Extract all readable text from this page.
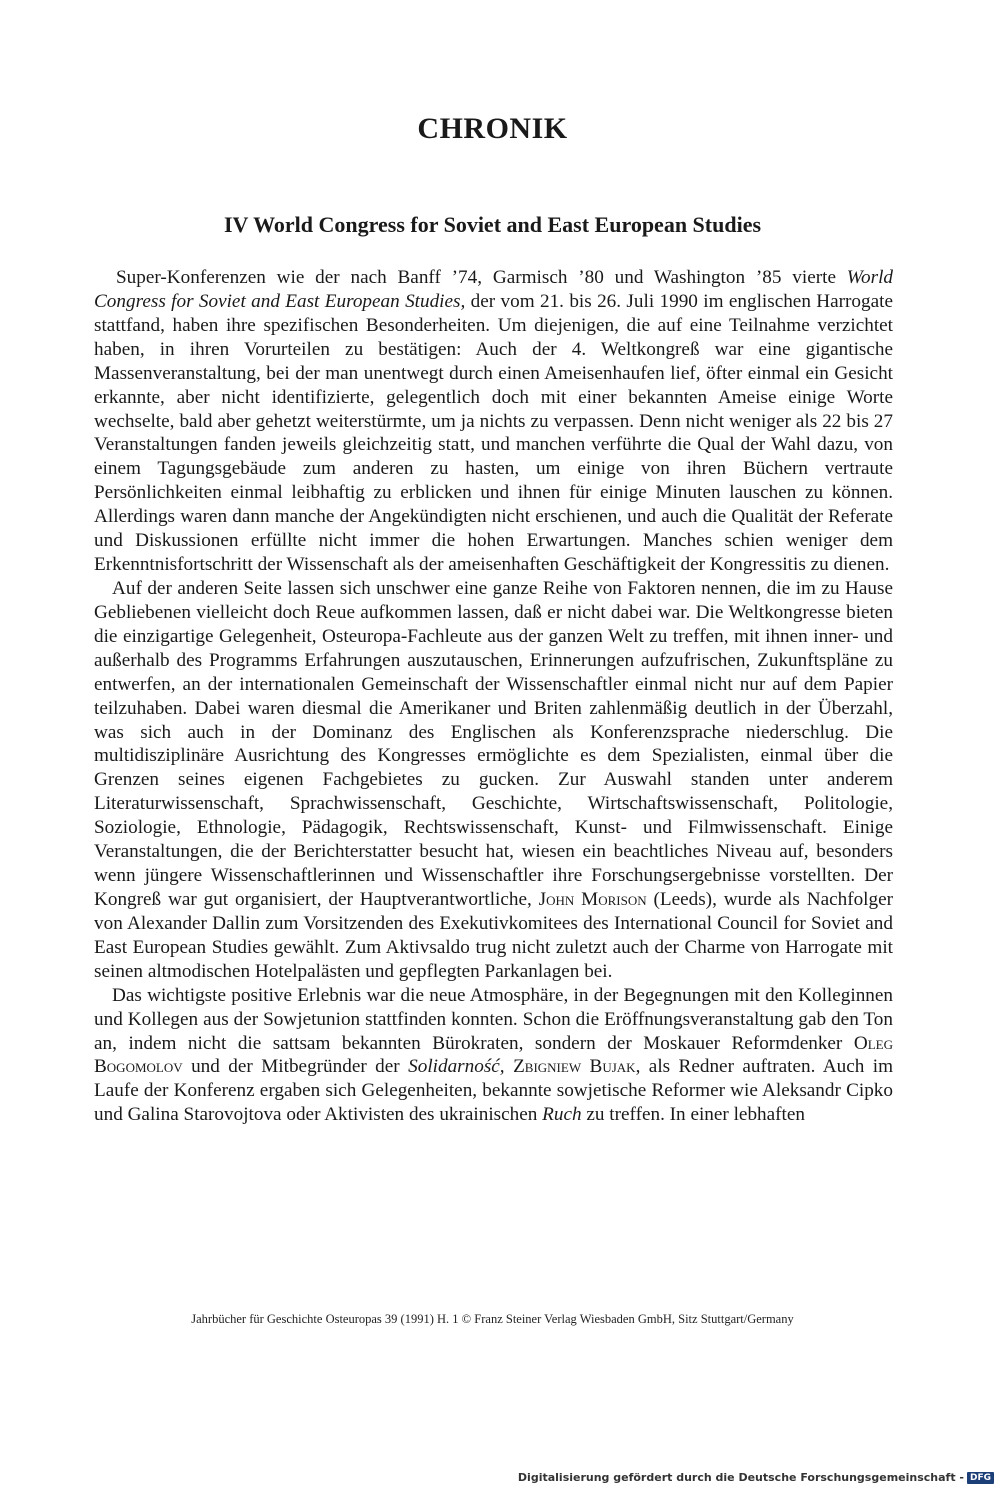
CHRONIK
IV World Congress for Soviet and East European Studies

Super-Konferenzen wie der nach Banff ’74, Garmisch ’80 und Washington ’85 vierte World Congress for Soviet and East European Studies, der vom 21. bis 26. Juli 1990 im englischen Harrogate stattfand, haben ihre spezifischen Besonderheiten. Um diejenigen, die auf eine Teilnahme verzichtet haben, in ihren Vorurteilen zu bestätigen: Auch der 4. Weltkongreß war eine gigantische Massenveranstaltung, bei der man unentwegt durch einen Ameisenhaufen lief, öfter einmal ein Gesicht erkannte, aber nicht identifizierte, gelegentlich doch mit einer bekannten Ameise einige Worte wechselte, bald aber gehetzt weiterstürmte, um ja nichts zu verpassen. Denn nicht weniger als 22 bis 27 Veranstaltungen fanden jeweils gleichzeitig statt, und manchen verführte die Qual der Wahl dazu, von einem Tagungsgebäude zum anderen zu hasten, um einige von ihren Büchern vertraute Persönlichkeiten einmal leibhaftig zu erblicken und ihnen für einige Minuten lauschen zu können. Allerdings waren dann manche der Angekündigten nicht erschienen, und auch die Qualität der Referate und Diskussionen erfüllte nicht immer die hohen Erwartungen. Manches schien weniger dem Erkenntnisfortschritt der Wissenschaft als der ameisenhaften Geschäftigkeit der Kongressitis zu dienen.

Auf der anderen Seite lassen sich unschwer eine ganze Reihe von Faktoren nennen, die im zu Hause Gebliebenen vielleicht doch Reue aufkommen lassen, daß er nicht dabei war. Die Weltkongresse bieten die einzigartige Gelegenheit, Osteuropa-Fachleute aus der ganzen Welt zu treffen, mit ihnen inner- und außerhalb des Programms Erfahrungen auszutauschen, Erinnerungen aufzufrischen, Zukunftspläne zu entwerfen, an der internationalen Gemeinschaft der Wissenschaftler einmal nicht nur auf dem Papier teilzuhaben. Dabei waren diesmal die Amerikaner und Briten zahlenmäßig deutlich in der Überzahl, was sich auch in der Dominanz des Englischen als Konferenzsprache niederschlug. Die multidisziplinäre Ausrichtung des Kongresses ermöglichte es dem Spezialisten, einmal über die Grenzen seines eigenen Fachgebietes zu gucken. Zur Auswahl standen unter anderem Literaturwissenschaft, Sprachwissenschaft, Geschichte, Wirtschaftswissenschaft, Politologie, Soziologie, Ethnologie, Pädagogik, Rechtswissenschaft, Kunst- und Filmwissenschaft. Einige Veranstaltungen, die der Berichterstatter besucht hat, wiesen ein beachtliches Niveau auf, besonders wenn jüngere Wissenschaftlerinnen und Wissenschaftler ihre Forschungsergebnisse vorstellten. Der Kongreß war gut organisiert, der Hauptverantwortliche, John Morison (Leeds), wurde als Nachfolger von Alexander Dallin zum Vorsitzenden des Exekutivkomitees des International Council for Soviet and East European Studies gewählt. Zum Aktivsaldo trug nicht zuletzt auch der Charme von Harrogate mit seinen altmodischen Hotelpalästen und gepflegten Parkanlagen bei.

Das wichtigste positive Erlebnis war die neue Atmosphäre, in der Begegnungen mit den Kolleginnen und Kollegen aus der Sowjetunion stattfinden konnten. Schon die Eröffnungsveranstaltung gab den Ton an, indem nicht die sattsam bekannten Bürokraten, sondern der Moskauer Reformdenker Oleg Bogomolov und der Mitbegründer der Solidarność, Zbigniew Bujak, als Redner auftraten. Auch im Laufe der Konferenz ergaben sich Gelegenheiten, bekannte sowjetische Reformer wie Aleksandr Cipko und Galina Starovojtova oder Aktivisten des ukrainischen Ruch zu treffen. In einer lebhaften

Jahrbücher für Geschichte Osteuropas 39 (1991) H. 1 © Franz Steiner Verlag Wiesbaden GmbH, Sitz Stuttgart/Germany
Digitalisierung gefördert durch die Deutsche Forschungsgemeinschaft - DFG
